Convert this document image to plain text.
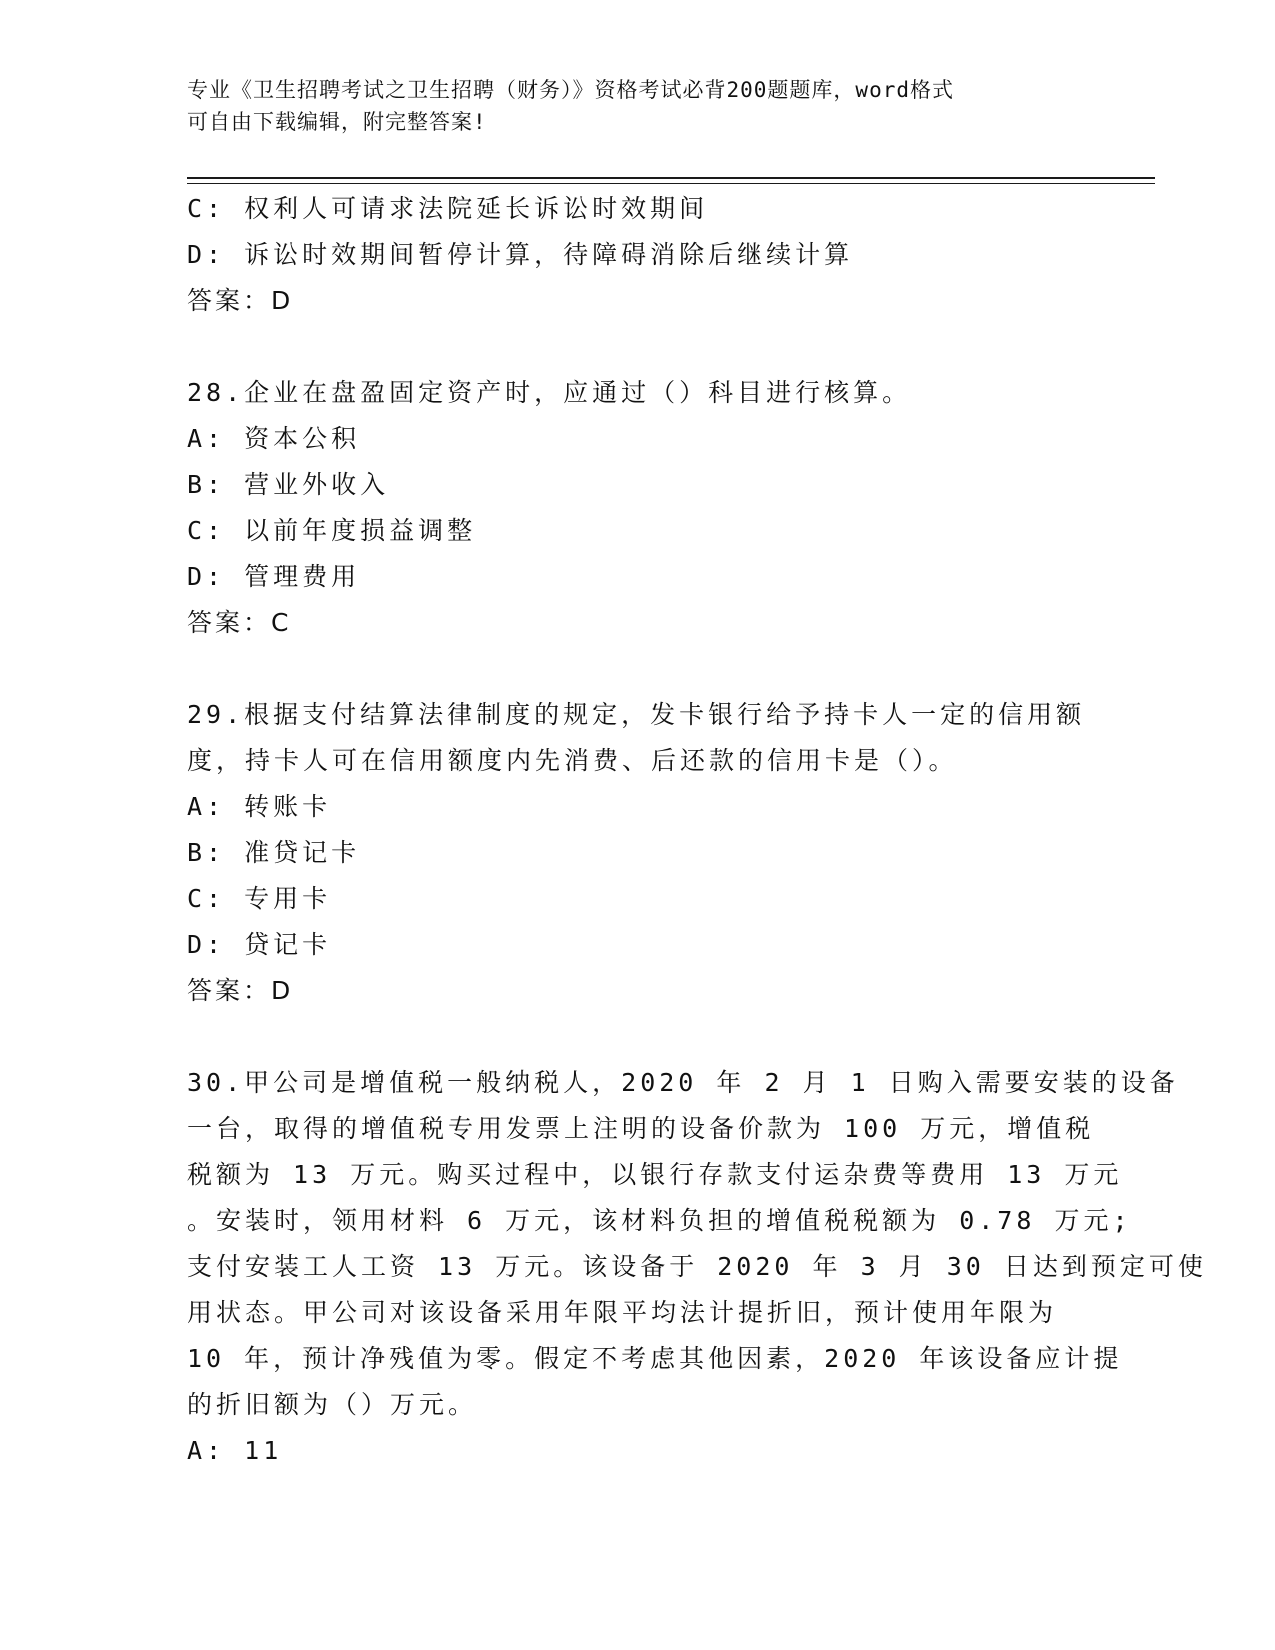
专业《卫生招聘考试之卫生招聘（财务）》资格考试必背200题题库，word格式
可自由下载编辑，附完整答案!
C: 权利人可请求法院延长诉讼时效期间
D: 诉讼时效期间暂停计算，待障碍消除后继续计算
答案：D
28.企业在盘盈固定资产时，应通过（）科目进行核算。
A: 资本公积
B: 营业外收入
C: 以前年度损益调整
D: 管理费用
答案：C
29.根据支付结算法律制度的规定，发卡银行给予持卡人一定的信用额
度，持卡人可在信用额度内先消费、后还款的信用卡是（）。
A: 转账卡
B: 准贷记卡
C: 专用卡
D: 贷记卡
答案：D
30.甲公司是增值税一般纳税人，2020 年 2 月 1 日购入需要安装的设备
一台，取得的增值税专用发票上注明的设备价款为 100 万元，增值税
税额为 13 万元。购买过程中，以银行存款支付运杂费等费用 13 万元
。安装时，领用材料 6 万元，该材料负担的增值税税额为 0.78 万元;
支付安装工人工资 13 万元。该设备于 2020 年 3 月 30 日达到预定可使
用状态。甲公司对该设备采用年限平均法计提折旧，预计使用年限为
10 年，预计净残值为零。假定不考虑其他因素，2020 年该设备应计提
的折旧额为（）万元。
A: 11
